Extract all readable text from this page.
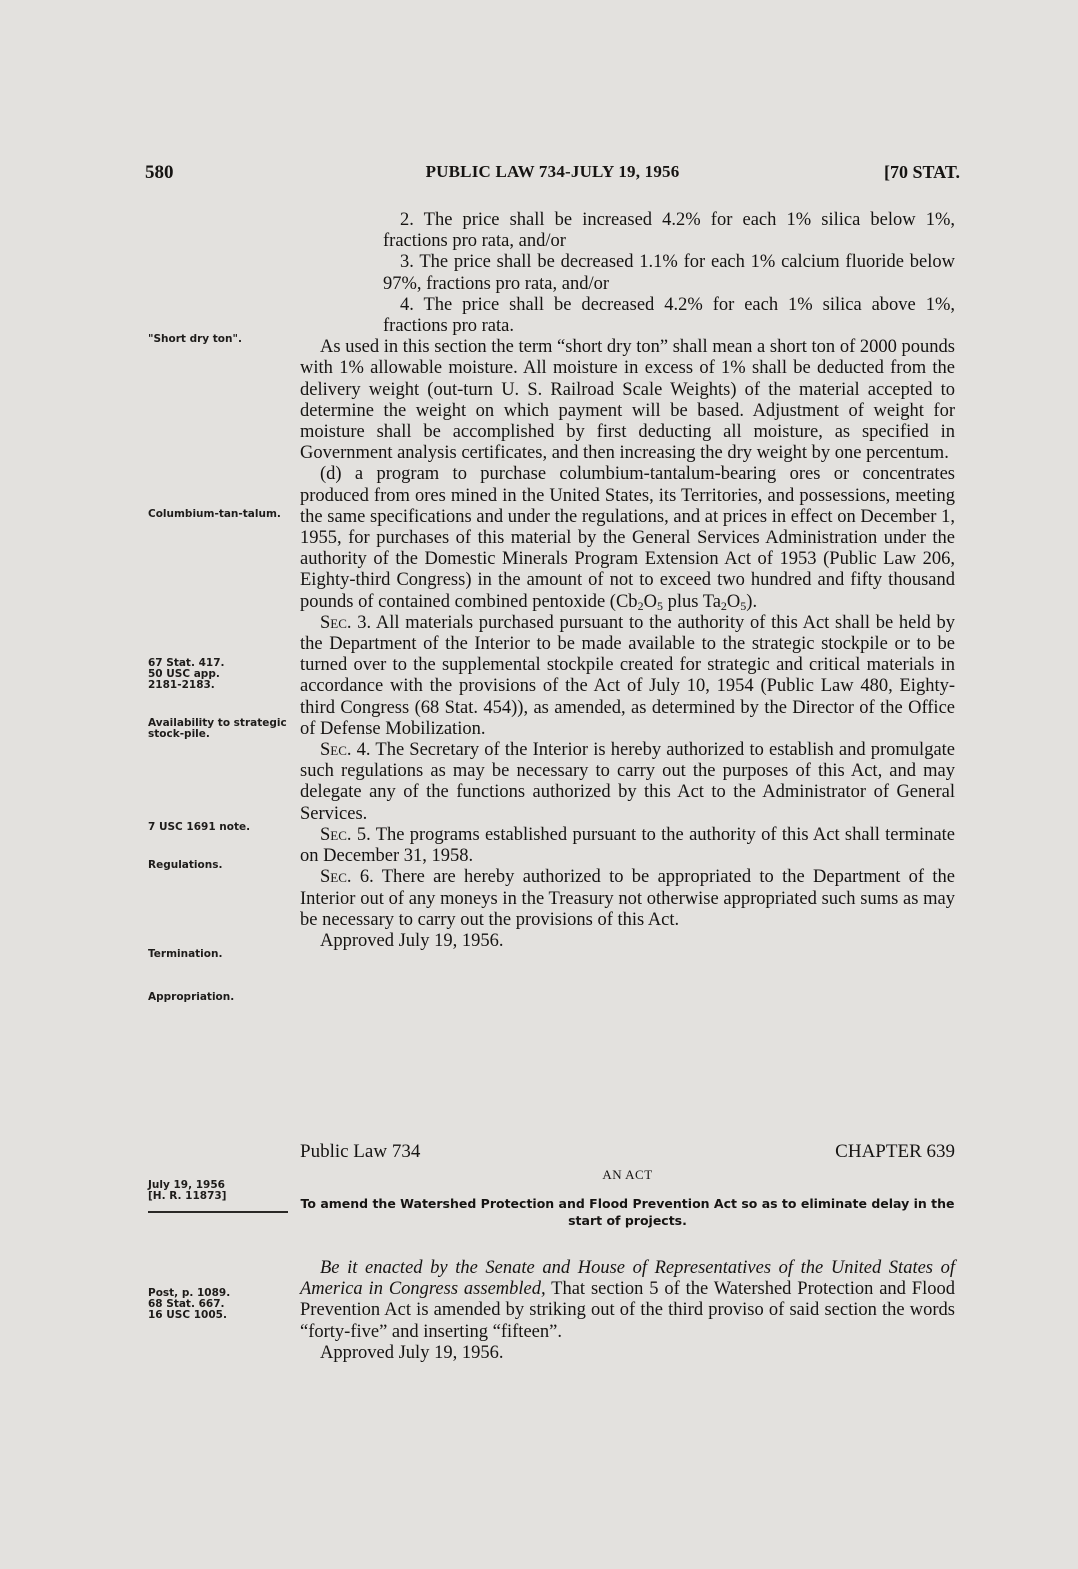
580	PUBLIC LAW 734-JULY 19, 1956	[70 STAT.
"Short dry ton".
Columbium-tan-talum.
67 Stat. 417.
50 USC app.
2181-2183.
Availability to strategic stock-pile.
7 USC 1691 note.
Regulations.
Termination.
Appropriation.
July 19, 1956
[H. R. 11873]
Post, p. 1089.
68 Stat. 667.
16 USC 1005.

2. The price shall be increased 4.2% for each 1% silica below 1%, fractions pro rata, and/or

3. The price shall be decreased 1.1% for each 1% calcium fluoride below 97%, fractions pro rata, and/or

4. The price shall be decreased 4.2% for each 1% silica above 1%, fractions pro rata.

As used in this section the term “short dry ton” shall mean a short ton of 2000 pounds with 1% allowable moisture. All moisture in excess of 1% shall be deducted from the delivery weight (out-turn U. S. Railroad Scale Weights) of the material accepted to determine the weight on which payment will be based. Adjustment of weight for moisture shall be accomplished by first deducting all moisture, as specified in Government analysis certificates, and then increasing the dry weight by one percentum.

(d) a program to purchase columbium-tantalum-bearing ores or concentrates produced from ores mined in the United States, its Territories, and possessions, meeting the same specifications and under the regulations, and at prices in effect on December 1, 1955, for purchases of this material by the General Services Administration under the authority of the Domestic Minerals Program Extension Act of 1953 (Public Law 206, Eighty-third Congress) in the amount of not to exceed two hundred and fifty thousand pounds of contained combined pentoxide ($Cb_2O_5$ plus $Ta_2O_5$).

Sec. 3. All materials purchased pursuant to the authority of this Act shall be held by the Department of the Interior to be made available to the strategic stockpile or to be turned over to the supplemental stockpile created for strategic and critical materials in accordance with the provisions of the Act of July 10, 1954 (Public Law 480, Eighty-third Congress (68 Stat. 454)), as amended, as determined by the Director of the Office of Defense Mobilization.

Sec. 4. The Secretary of the Interior is hereby authorized to establish and promulgate such regulations as may be necessary to carry out the purposes of this Act, and may delegate any of the functions authorized by this Act to the Administrator of General Services.

Sec. 5. The programs established pursuant to the authority of this Act shall terminate on December 31, 1958.

Sec. 6. There are hereby authorized to be appropriated to the Department of the Interior out of any moneys in the Treasury not otherwise appropriated such sums as may be necessary to carry out the provisions of this Act.

Approved July 19, 1956.

Public Law 734	CHAPTER 639
AN ACT
To amend the Watershed Protection and Flood Prevention Act so as to eliminate delay in the start of projects.

Be it enacted by the Senate and House of Representatives of the United States of America in Congress assembled, That section 5 of the Watershed Protection and Flood Prevention Act is amended by striking out of the third proviso of said section the words “forty-five” and inserting “fifteen”.

Approved July 19, 1956.
